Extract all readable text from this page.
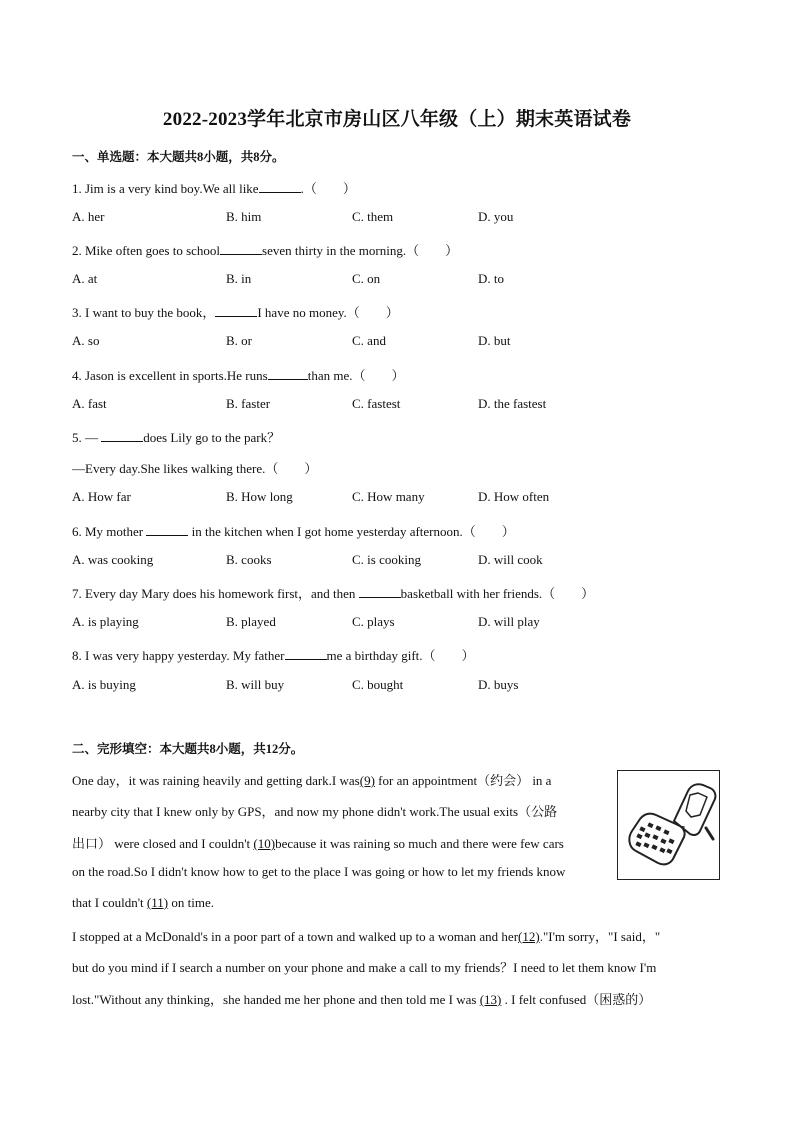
2022-2023学年北京市房山区八年级（上）期末英语试卷
一、单选题：本大题共8小题，共8分。
1. Jim is a very kind boy.We all like	.（　　）
A. her	B. him	C. them	D. you
2. Mike often goes to school	seven thirty in the morning.（　　）
A. at	B. in	C. on	D. to
3. I want to buy the book，	I have no money.（　　）
A. so	B. or	C. and	D. but
4. Jason is excellent in sports.He runs	than me.（　　）
A. fast	B. faster	C. fastest	D. the fastest
5. —	does Lily go to the park？
—Every day.She likes walking there.（　　）
A. How far	B. How long	C. How many	D. How often
6. My mother	in the kitchen when I got home yesterday afternoon.（　　）
A. was cooking	B. cooks	C. is cooking	D. will cook
7. Every day Mary does his homework first，and then	basketball with her friends.（　　）
A. is playing	B. played	C. plays	D. will play
8. I was very happy yesterday. My father	me a birthday gift.（　　）
A. is buying	B. will buy	C. bought	D. buys
二、完形填空：本大题共8小题，共12分。
One day，it was raining heavily and getting dark.I was(9) for an appointment（约会） in a
nearby city that I knew only by GPS，and now my phone didn't work.The usual exits（公路
出口） were closed and I couldn't (10)because it was raining so much and there were few cars
on the road.So I didn't know how to get to the place I was going or how to let my friends know
that I couldn't (11) on time.
I stopped at a McDonald's in a poor part of a town and walked up to a woman and her(12)."I'm sorry，"I said，"
but do you mind if I search a number on your phone and make a call to my friends？I need to let them know I'm
lost."Without any thinking，she handed me her phone and then told me I was (13) . I felt confused（困惑的）
